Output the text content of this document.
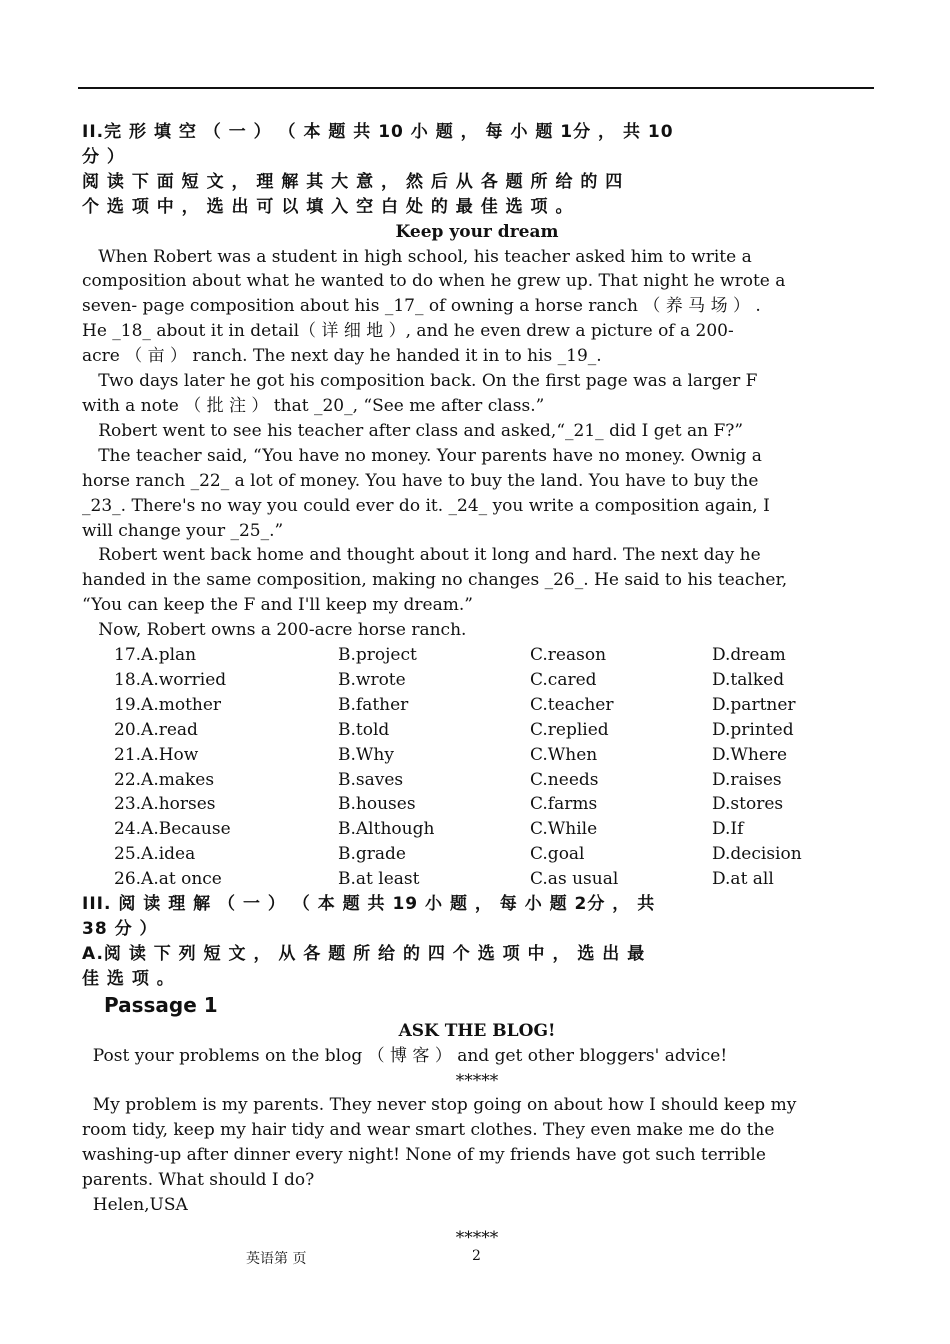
II.完 形 填 空 （ 一 ） （ 本 题 共 10 小 题 ， 每 小 题 1分 ， 共 10
分 ）
阅 读 下 面 短 文 ， 理 解 其 大 意 ， 然 后 从 各 题 所 给 的 四
个 选 项 中 ， 选 出 可 以 填 入 空 白 处 的 最 佳 选 项 。
Keep your dream
When Robert was a student in high school, his teacher asked him to write a
composition about what he wanted to do when he grew up. That night he wrote a
seven- page composition about his _17_ of owning a horse ranch （ 养 马 场 ） .
He _18_ about it in detail（ 详 细 地 ）, and he even drew a picture of a 200-
acre （ 亩 ） ranch. The next day he handed it in to his _19_.
Two days later he got his composition back. On the first page was a larger F
with a note （ 批 注 ） that _20_, “See me after class.”
Robert went to see his teacher after class and asked,“_21_ did I get an F?”
The teacher said, “You have no money. Your parents have no money. Ownig a
horse ranch _22_ a lot of money. You have to buy the land. You have to buy the
_23_. There's no way you could ever do it. _24_ you write a composition again, I
will change your _25_.”
Robert went back home and thought about it long and hard. The next day he
handed in the same composition, making no changes _26_. He said to his teacher,
“You can keep the F and I'll keep my dream.”
Now, Robert owns a 200-acre horse ranch.
17.A.plan	B.project	C.reason	D.dream
18.A.worried	B.wrote	C.cared	D.talked
19.A.mother	B.father	C.teacher	D.partner
20.A.read	B.told	C.replied	D.printed
21.A.How	B.Why	C.When	D.Where
22.A.makes	B.saves	C.needs	D.raises
23.A.horses	B.houses	C.farms	D.stores
24.A.Because	B.Although	C.While	D.If
25.A.idea	B.grade	C.goal	D.decision
26.A.at once	B.at least	C.as usual	D.at all
III. 阅 读 理 解 （ 一 ） （ 本 题 共 19 小 题 ， 每 小 题 2分 ， 共
38 分 ）
A.阅 读 下 列 短 文 ， 从 各 题 所 给 的 四 个 选 项 中 ， 选 出 最
佳 选 项 。
Passage 1
ASK THE BLOG!
Post your problems on the blog （ 博 客 ） and get other bloggers' advice!
*****
My problem is my parents. They never stop going on about how I should keep my
room tidy, keep my hair tidy and wear smart clothes. They even make me do the
washing-up after dinner every night! None of my friends have got such terrible
parents. What should I do?
Helen,USA
*****
英语第 页	2
